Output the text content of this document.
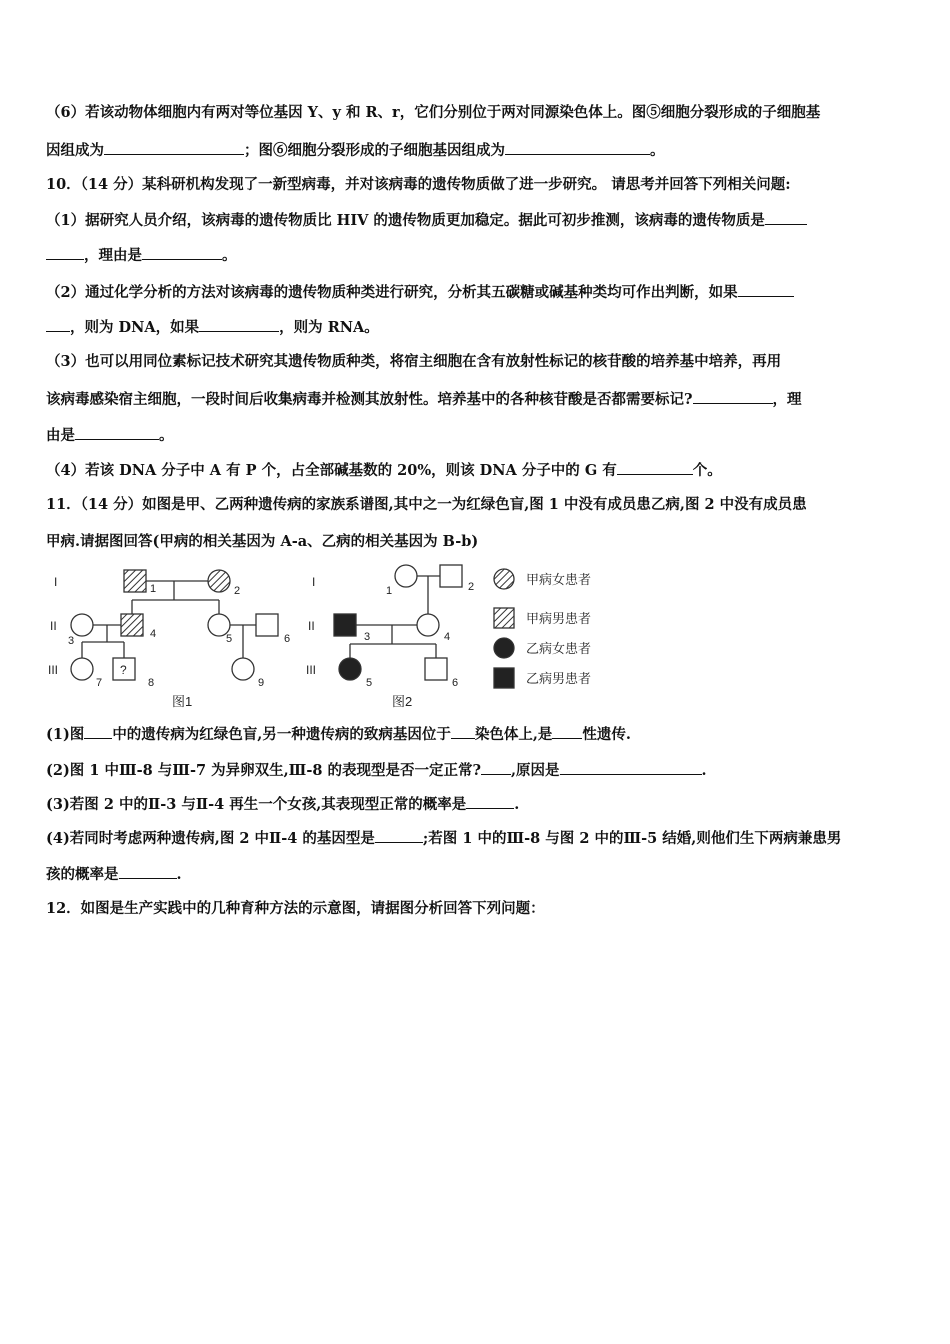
（6）若该动物体细胞内有两对等位基因 Y、y 和 R、r，它们分别位于两对同源染色体上。图⑤细胞分裂形成的子细胞基
因组成为	；图⑥细胞分裂形成的子细胞基因组成为	。
10．（14 分）某科研机构发现了一新型病毒，并对该病毒的遗传物质做了进一步研究。 请思考并回答下列相关问题:
（1）据研究人员介绍，该病毒的遗传物质比 HIV 的遗传物质更加稳定。据此可初步推测，该病毒的遗传物质是
，理由是	。
（2）通过化学分析的方法对该病毒的遗传物质种类进行研究，分析其五碳糖或碱基种类均可作出判断，如果
，则为 DNA，如果	，则为 RNA。
（3）也可以用同位素标记技术研究其遗传物质种类，将宿主细胞在含有放射性标记的核苷酸的培养基中培养，再用
该病毒感染宿主细胞，一段时间后收集病毒并检测其放射性。培养基中的各种核苷酸是否都需要标记?	，理
由是	。
（4）若该 DNA 分子中 A 有 P 个，占全部碱基数的 20%，则该 DNA 分子中的 G 有	个。
11．（14 分）如图是甲、乙两种遗传病的家族系谱图,其中之一为红绿色盲,图 1 中没有成员患乙病,图 2 中没有成员患
甲病.请据图回答(甲病的相关基因为 A-a、乙病的相关基因为 B-b)
I
II
III	?
1	2
3
4	5	6
7	8	9
图1
I
II
III
1	2
3	4
5	6
图2
甲病女患者
甲病男患者
乙病女患者
乙病男患者
(1)图 中的遗传病为红绿色盲,另一种遗传病的致病基因位于 染色体上,是 性遗传.
(2)图 1 中Ⅲ-8 与Ⅲ-7 为异卵双生,Ⅲ-8 的表现型是否一定正常? ,原因是	.
(3)若图 2 中的Ⅱ-3 与Ⅱ-4 再生一个女孩,其表现型正常的概率是	.
(4)若同时考虑两种遗传病,图 2 中Ⅱ-4 的基因型是	;若图 1 中的Ⅲ-8 与图 2 中的Ⅲ-5 结婚,则他们生下两病兼患男
孩的概率是	.
12．如图是生产实践中的几种育种方法的示意图，请据图分析回答下列问题：
